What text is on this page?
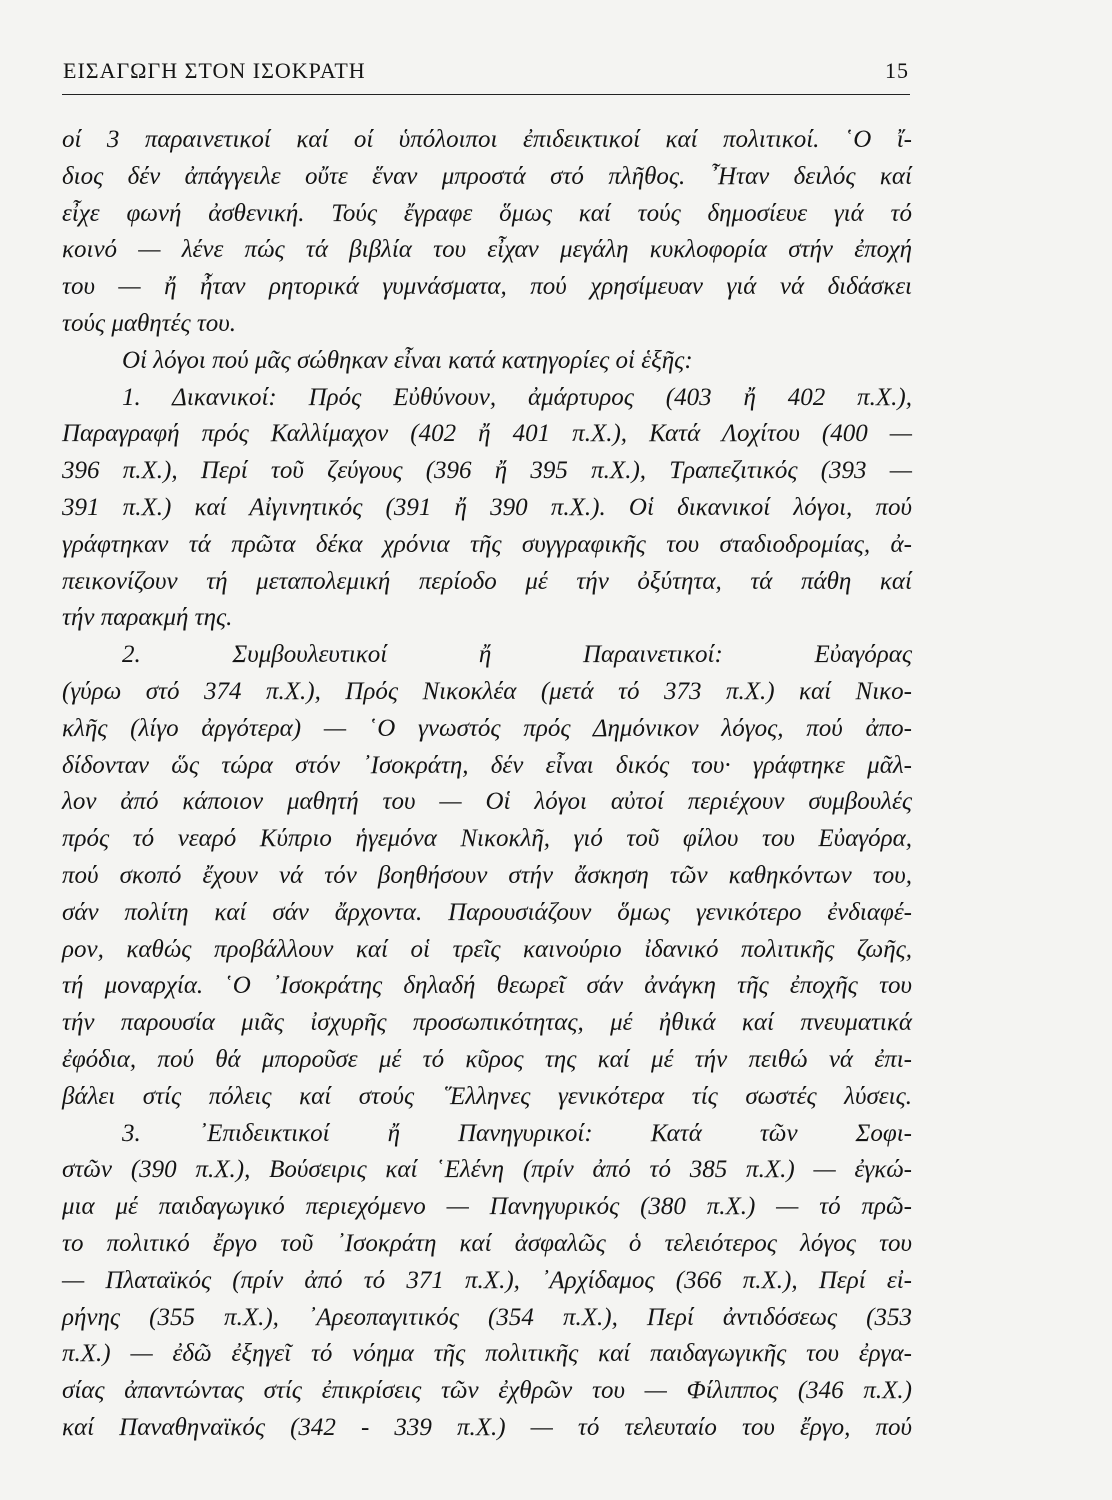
ΕΙΣΑΓΩΓΗ ΣΤΟΝ ΙΣΟΚΡΑΤΗ	15
οί 3 παραινετικοί καί οί ὑπόλοιποι ἐπιδεικτικοί καί πολιτικοί. ῾Ο ἴ-
διος δέν ἀπάγγειλε οὔτε ἕναν μπροστά στό πλῆθος. ῏Ηταν δειλός καί
εἶχε φωνή ἀσθενική. Τούς ἔγραφε ὅμως καί τούς δημοσίευε γιά τό
κοινό — λένε πώς τά βιβλία του εἶχαν μεγάλη κυκλοφορία στήν ἐποχή
του — ἤ ἦταν ρητορικά γυμνάσματα, πού χρησίμευαν γιά νά διδάσκει
τούς μαθητές του.
Οἱ λόγοι πού μᾶς σώθηκαν εἶναι κατά κατηγορίες οἱ ἑξῆς:
1. Δικανικοί: Πρός Εὐθύνουν, ἀμάρτυρος (403 ἤ 402 π.Χ.),
Παραγραφή πρός Καλλίμαχον (402 ἤ 401 π.Χ.), Κατά Λοχίτου (400 —
396 π.Χ.), Περί τοῦ ζεύγους (396 ἤ 395 π.Χ.), Τραπεζιτικός (393 —
391 π.Χ.) καί Αἰγινητικός (391 ἤ 390 π.Χ.). Οἱ δικανικοί λόγοι, πού
γράφτηκαν τά πρῶτα δέκα χρόνια τῆς συγγραφικῆς του σταδιοδρομίας, ἀ-
πεικονίζουν τή μεταπολεμική περίοδο μέ τήν ὀξύτητα, τά πάθη καί
τήν παρακμή της.
2. Συμβουλευτικοί ἤ Παραινετικοί: Εὐαγόρας
(γύρω στό 374 π.Χ.), Πρός Νικοκλέα (μετά τό 373 π.Χ.) καί Νικο-
κλῆς (λίγο ἀργότερα) — ῾Ο γνωστός πρός Δημόνικον λόγος, πού ἀπο-
δίδονταν ὥς τώρα στόν ᾿Ισοκράτη, δέν εἶναι δικός του· γράφτηκε μᾶλ-
λον ἀπό κάποιον μαθητή του — Οἱ λόγοι αὐτοί περιέχουν συμβουλές
πρός τό νεαρό Κύπριο ἡγεμόνα Νικοκλῆ, γιό τοῦ φίλου του Εὐαγόρα,
πού σκοπό ἔχουν νά τόν βοηθήσουν στήν ἄσκηση τῶν καθηκόντων του,
σάν πολίτη καί σάν ἄρχοντα. Παρουσιάζουν ὅμως γενικότερο ἐνδιαφέ-
ρον, καθώς προβάλλουν καί οἱ τρεῖς καινούριο ἰδανικό πολιτικῆς ζωῆς,
τή μοναρχία. ῾Ο ᾿Ισοκράτης δηλαδή θεωρεῖ σάν ἀνάγκη τῆς ἐποχῆς του
τήν παρουσία μιᾶς ἰσχυρῆς προσωπικότητας, μέ ἠθικά καί πνευματικά
ἐφόδια, πού θά μποροῦσε μέ τό κῦρος της καί μέ τήν πειθώ νά ἐπι-
βάλει στίς πόλεις καί στούς ῞Ελληνες γενικότερα τίς σωστές λύσεις.
3. ᾿Επιδεικτικοί ἤ Πανηγυρικοί: Κατά τῶν Σοφι-
στῶν (390 π.Χ.), Βούσειρις καί ῾Ελένη (πρίν ἀπό τό 385 π.Χ.) — ἐγκώ-
μια μέ παιδαγωγικό περιεχόμενο — Πανηγυρικός (380 π.Χ.) — τό πρῶ-
το πολιτικό ἔργο τοῦ ᾿Ισοκράτη καί ἀσφαλῶς ὁ τελειότερος λόγος του
— Πλαταϊκός (πρίν ἀπό τό 371 π.Χ.), ᾿Αρχίδαμος (366 π.Χ.), Περί εἰ-
ρήνης (355 π.Χ.), ᾿Αρεοπαγιτικός (354 π.Χ.), Περί ἀντιδόσεως (353
π.Χ.) — ἐδῶ ἐξηγεῖ τό νόημα τῆς πολιτικῆς καί παιδαγωγικῆς του ἐργα-
σίας ἀπαντώντας στίς ἐπικρίσεις τῶν ἐχθρῶν του — Φίλιππος (346 π.Χ.)
καί Παναθηναϊκός (342 - 339 π.Χ.) — τό τελευταίο του ἔργο, πού
